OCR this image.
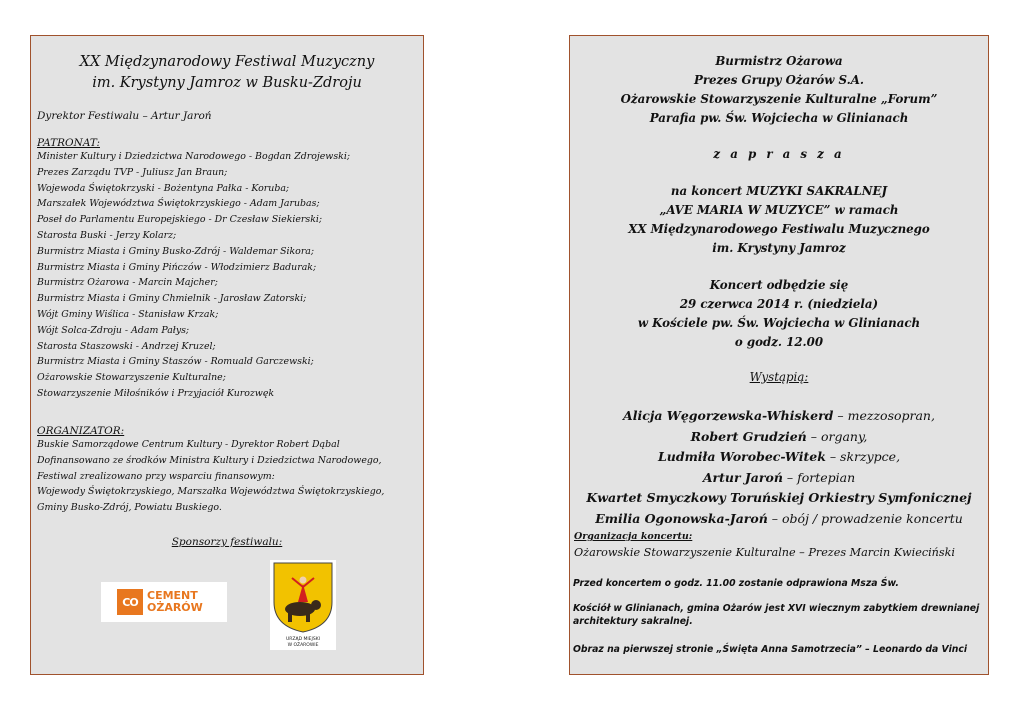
XX Międzynarodowy Festiwal Muzyczny
im. Krystyny Jamroz w Busku-Zdroju
Dyrektor Festiwalu – Artur Jaroń
PATRONAT:
Minister Kultury i Dziedzictwa Narodowego - Bogdan Zdrojewski;
Prezes Zarządu TVP - Juliusz Jan Braun;
Wojewoda Świętokrzyski - Bożentyna Pałka - Koruba;
Marszałek Województwa Świętokrzyskiego - Adam Jarubas;
Poseł do Parlamentu Europejskiego - Dr Czesław Siekierski;
Starosta Buski - Jerzy Kolarz;
Burmistrz Miasta i Gminy Busko-Zdrój - Waldemar Sikora;
Burmistrz Miasta i Gminy Pińczów - Włodzimierz Badurak;
Burmistrz Ożarowa - Marcin Majcher;
Burmistrz Miasta i Gminy Chmielnik - Jarosław Zatorski;
Wójt Gminy Wiślica - Stanisław Krzak;
Wójt Solca-Zdroju - Adam Pałys;
Starosta Staszowski - Andrzej Kruzel;
Burmistrz Miasta i Gminy Staszów - Romuald Garczewski;
Ożarowskie Stowarzyszenie Kulturalne;
Stowarzyszenie Miłośników i Przyjaciół Kurozwęk
ORGANIZATOR:
Buskie Samorządowe Centrum Kultury - Dyrektor Robert Dąbal
Dofinansowano ze środków Ministra Kultury i Dziedzictwa Narodowego,
Festiwal zrealizowano przy wsparciu finansowym:
Wojewody Świętokrzyskiego, Marszałka Województwa Świętokrzyskiego,
Gminy Busko-Zdrój, Powiatu Buskiego.
Sponsorzy festiwalu:
CO CEMENT
OŻARÓW
URZĄD MIEJSKI
W OŻAROWIE
Burmistrz Ożarowa
Prezes Grupy Ożarów S.A.
Ożarowskie Stowarzyszenie Kulturalne „Forum”
Parafia pw. Św. Wojciecha w Glinianach
z a p r a s z a
na koncert MUZYKI SAKRALNEJ
„AVE MARIA W MUZYCE” w ramach
XX Międzynarodowego Festiwalu Muzycznego
im. Krystyny Jamroz
Koncert odbędzie się
29 czerwca 2014 r. (niedziela)
w Kościele pw. Św. Wojciecha w Glinianach
o godz. 12.00
Wystąpią:
Alicja Węgorzewska-Whiskerd – mezzosopran,
Robert Grudzień – organy,
Ludmiła Worobec-Witek – skrzypce,
Artur Jaroń – fortepian
Kwartet Smyczkowy Toruńskiej Orkiestry Symfonicznej
Emilia Ogonowska-Jaroń – obój / prowadzenie koncertu
Organizacja koncertu:
Ożarowskie Stowarzyszenie Kulturalne – Prezes Marcin Kwieciński
Przed koncertem o godz. 11.00 zostanie odprawiona Msza Św.
Kościół w Glinianach, gmina Ożarów jest XVI wiecznym zabytkiem drewnianej architektury sakralnej.
Obraz na pierwszej stronie „Święta Anna Samotrzecia” – Leonardo da Vinci
